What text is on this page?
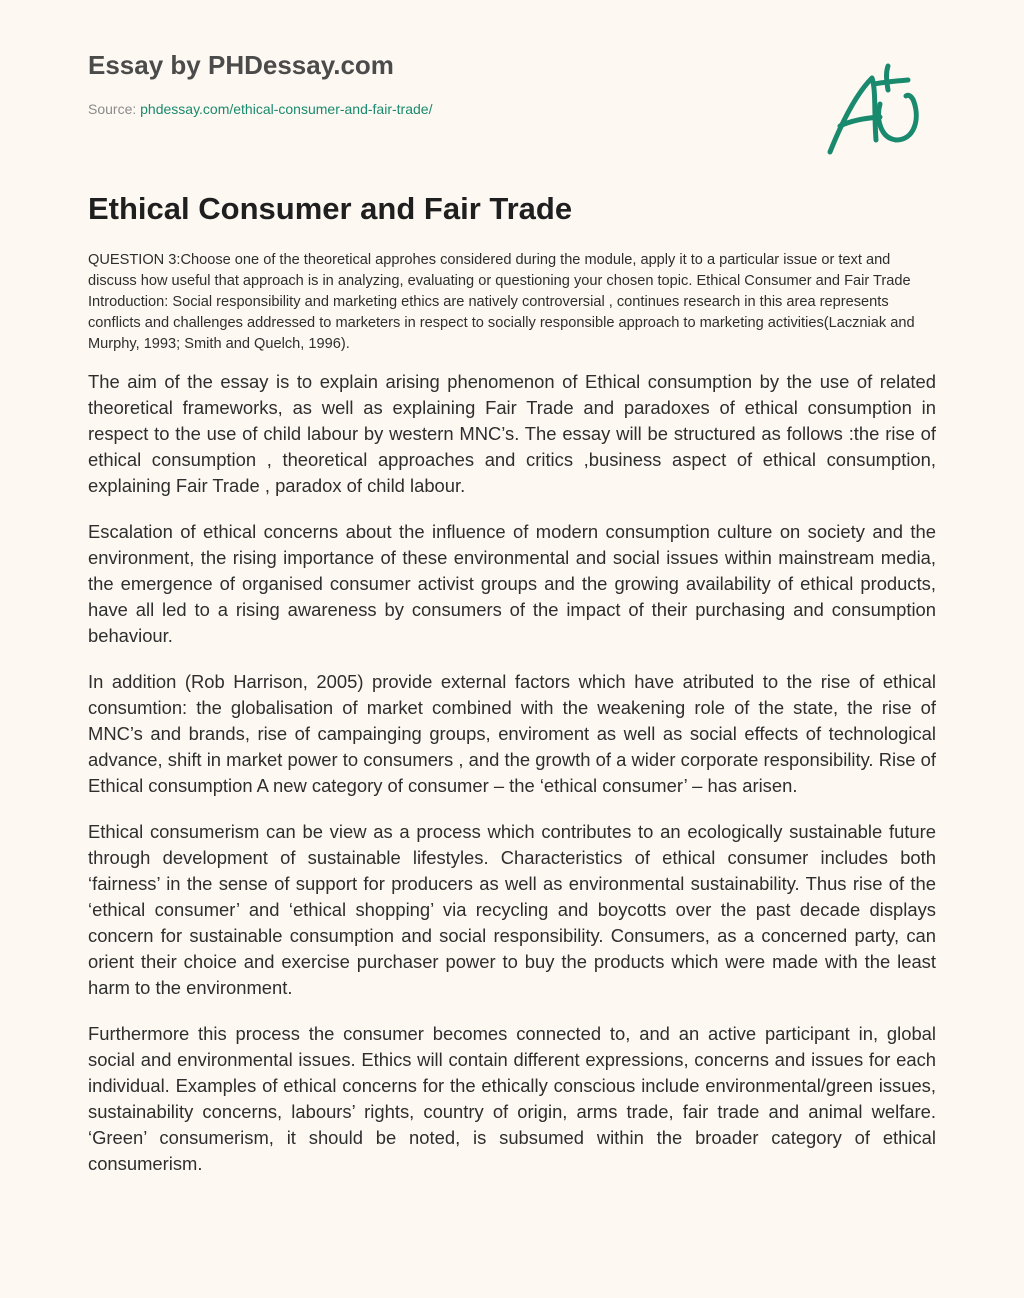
Essay by PHDessay.com
Source: phdessay.com/ethical-consumer-and-fair-trade/
Ethical Consumer and Fair Trade

QUESTION 3:Choose one of the theoretical approhes considered during the module, apply it to a particular issue or text and discuss how useful that approach is in analyzing, evaluating or questioning your chosen topic. Ethical Consumer and Fair Trade Introduction: Social responsibility and marketing ethics are natively controversial , continues research in this area represents conflicts and challenges addressed to marketers in respect to socially responsible approach to marketing activities(Laczniak and Murphy, 1993; Smith and Quelch, 1996).

The aim of the essay is to explain arising phenomenon of Ethical consumption by the use of related theoretical frameworks, as well as explaining Fair Trade and paradoxes of ethical consumption in respect to the use of child labour by western MNC’s. The essay will be structured as follows :the rise of ethical consumption , theoretical approaches and critics ,business aspect of ethical consumption, explaining Fair Trade , paradox of child labour.

Escalation of ethical concerns about the influence of modern consumption culture on society and the environment, the rising importance of these environmental and social issues within mainstream media, the emergence of organised consumer activist groups and the growing availability of ethical products, have all led to a rising awareness by consumers of the impact of their purchasing and consumption behaviour.

In addition (Rob Harrison, 2005) provide external factors which have atributed to the rise of ethical consumtion: the globalisation of market combined with the weakening role of the state, the rise of MNC’s and brands, rise of campainging groups, enviroment as well as social effects of technological advance, shift in market power to consumers , and the growth of a wider corporate responsibility. Rise of Ethical consumption A new category of consumer – the ‘ethical consumer’ – has arisen.

Ethical consumerism can be view as a process which contributes to an ecologically sustainable future through development of sustainable lifestyles. Characteristics of ethical consumer includes both ‘fairness’ in the sense of support for producers as well as environmental sustainability. Thus rise of the ‘ethical consumer’ and ‘ethical shopping’ via recycling and boycotts over the past decade displays concern for sustainable consumption and social responsibility. Consumers, as a concerned party, can orient their choice and exercise purchaser power to buy the products which were made with the least harm to the environment.

Furthermore this process the consumer becomes connected to, and an active participant in, global social and environmental issues. Ethics will contain different expressions, concerns and issues for each individual. Examples of ethical concerns for the ethically conscious include environmental/green issues, sustainability concerns, labours’ rights, country of origin, arms trade, fair trade and animal welfare. ‘Green’ consumerism, it should be noted, is subsumed within the broader category of ethical consumerism.
